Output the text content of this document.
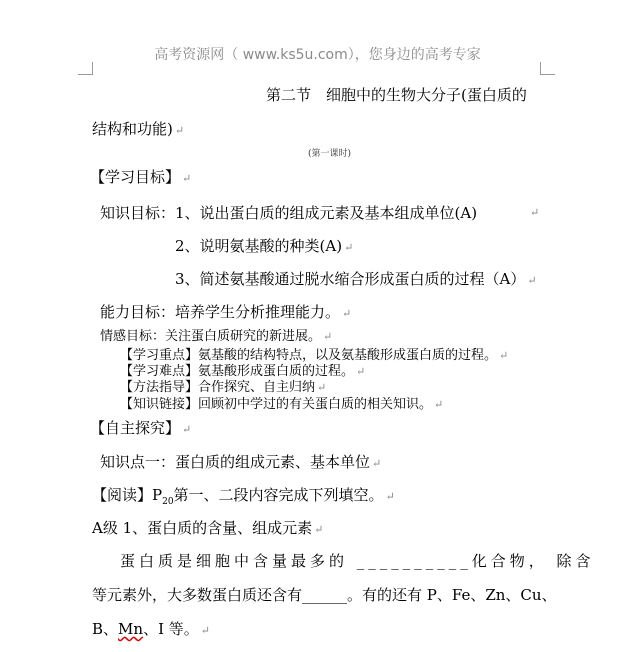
高考资源网（ www.ks5u.com），您身边的高考专家
第二节　细胞中的生物大分子(蛋白质的
结构和功能) ↵
(第一课时)
【学习目标】 ↵
知识目标：1、说出蛋白质的组成元素及基本组成单位(A)	↵
2、说明氨基酸的种类(A) ↵
3、简述氨基酸通过脱水缩合形成蛋白质的过程（A） ↵
能力目标：培养学生分析推理能力。 ↵
情感目标：关注蛋白质研究的新进展。 ↵
【学习重点】氨基酸的结构特点，以及氨基酸形成蛋白质的过程。 ↵
【学习难点】氨基酸形成蛋白质的过程。 ↵
【方法指导】合作探究、自主归纳 ↵
【知识链接】回顾初中学过的有关蛋白质的相关知识。 ↵
【自主探究】 ↵
知识点一：蛋白质的组成元素、基本单位 ↵
【阅读】$P_{20}$第一、二段内容完成下列填空。 ↵
A级 1、蛋白质的含量、组成元素 ↵
蛋白质是细胞中含量最多的 __________化合物， 除含
等元素外，大多数蛋白质还含有______。有的还有 P、Fe、Zn、Cu、
B、Mn、I 等。 ↵
